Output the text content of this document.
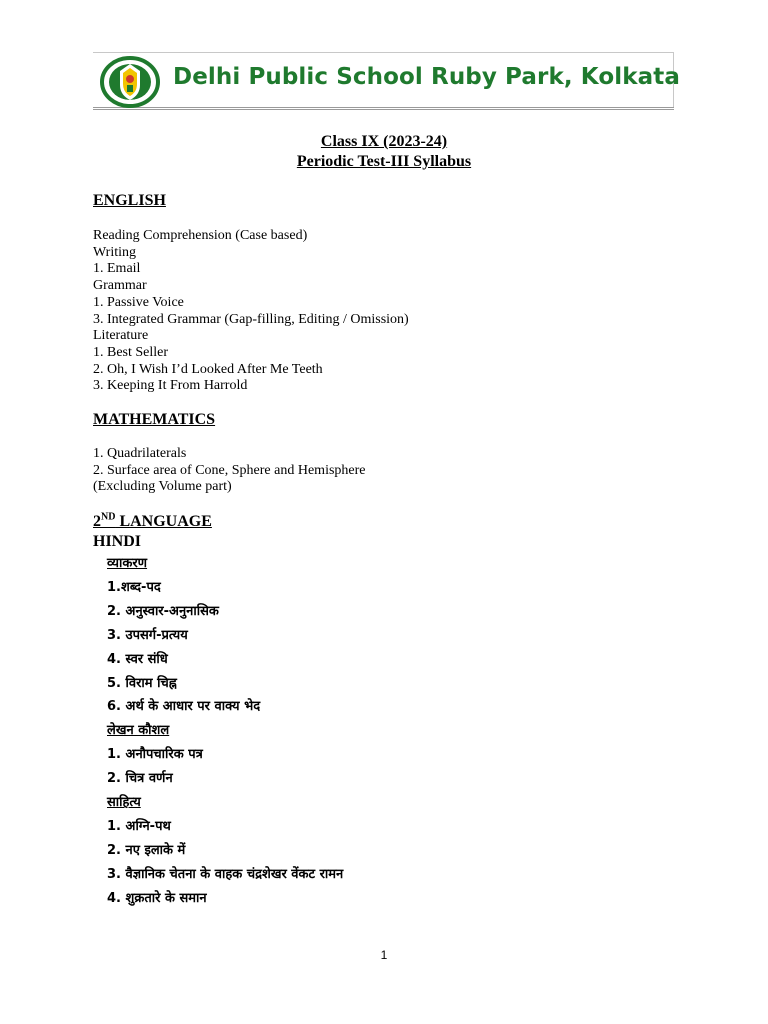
Delhi Public School Ruby Park, Kolkata
Class IX (2023-24)
Periodic Test-III Syllabus
ENGLISH
Reading Comprehension (Case based)
Writing
1. Email
Grammar
1. Passive Voice
3. Integrated Grammar (Gap-filling, Editing / Omission)
Literature
1. Best Seller
2. Oh, I Wish I’d Looked After Me Teeth
3. Keeping It From Harrold
MATHEMATICS
1. Quadrilaterals
2. Surface area of Cone, Sphere and Hemisphere
(Excluding Volume part)
2ND LANGUAGE
HINDI
व्याकरण
1.शब्द-पद
2. अनुस्वार-अनुनासिक
3. उपसर्ग-प्रत्यय
4. स्वर संधि
5. विराम चिह्न
6. अर्थ के आधार पर वाक्य भेद
लेखन कौशल
1. अनौपचारिक पत्र
2. चित्र वर्णन
साहित्य
1. अग्नि-पथ
2. नए इलाके में
3. वैज्ञानिक चेतना के वाहक चंद्रशेखर वेंकट रामन
4. शुक्रतारे के समान
1
